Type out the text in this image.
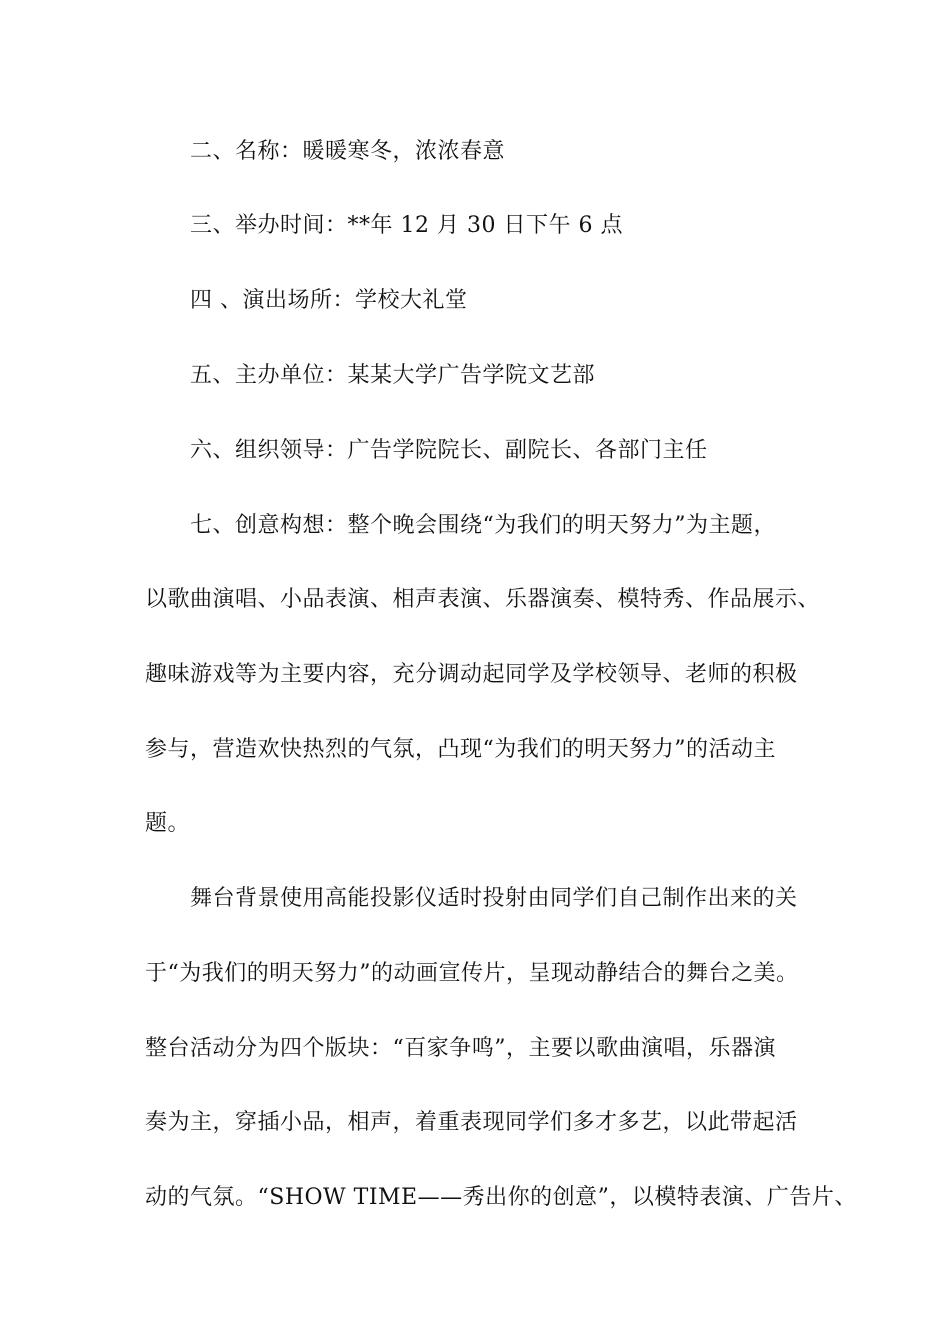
二、名称：暖暖寒冬，浓浓春意
三、举办时间：**年 12 月 30 日下午 6 点
四 、演出场所：学校大礼堂
五、主办单位：某某大学广告学院文艺部
六、组织领导：广告学院院长、副院长、各部门主任
七、创意构想：整个晚会围绕“为我们的明天努力”为主题，
以歌曲演唱、小品表演、相声表演、乐器演奏、模特秀、作品展示、
趣味游戏等为主要内容，充分调动起同学及学校领导、老师的积极
参与，营造欢快热烈的气氛，凸现“为我们的明天努力”的活动主
题。
舞台背景使用高能投影仪适时投射由同学们自己制作出来的关
于“为我们的明天努力”的动画宣传片，呈现动静结合的舞台之美。
整台活动分为四个版块：“百家争鸣”，主要以歌曲演唱，乐器演
奏为主，穿插小品，相声，着重表现同学们多才多艺，以此带起活
动的气氛。“SHOW TIME——秀出你的创意”，以模特表演、广告片、
